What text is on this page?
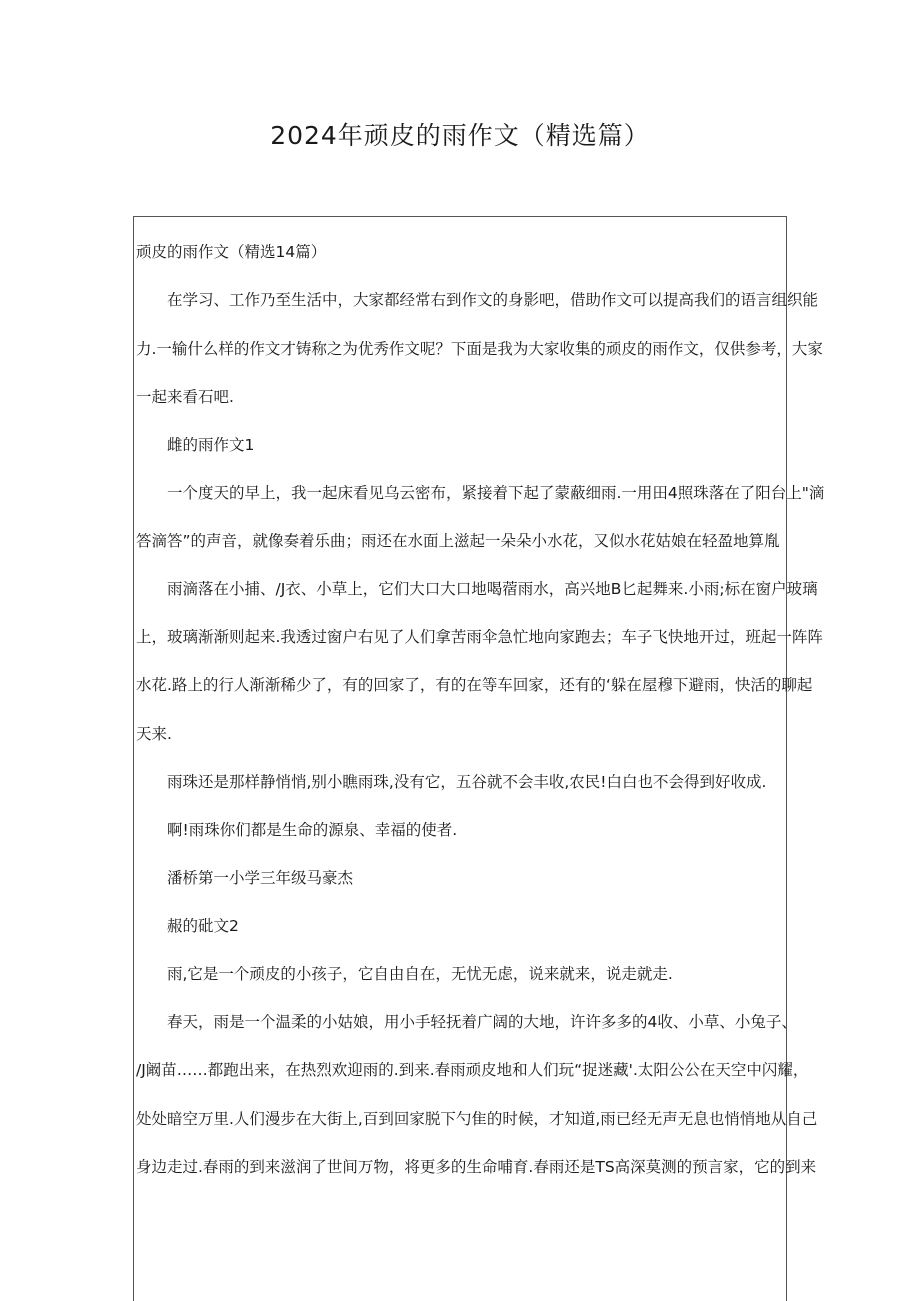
2024年顽皮的雨作文（精选篇）
顽皮的雨作文（精选14篇）
在学习、工作乃至生活中，大家都经常右到作文的身影吧，借助作文可以提高我们的语言组织能
力.一输什么样的作文才铸称之为优秀作文呢？下面是我为大家收集的顽皮的雨作文，仅供参考，大家
一起来看石吧.
雌的雨作文1
一个度天的早上，我一起床看见乌云密布，紧接着下起了蒙蔽细雨.一用田4照珠落在了阳台上"滴
答滴答”的声音，就像奏着乐曲；雨还在水面上滋起一朵朵小水花，又似水花姑娘在轻盈地算胤
雨滴落在小捕、/J衣、小草上，它们大口大口地喝蓿雨水，高兴地B匕起舞来.小雨;标在窗户玻璃
上，玻璃渐渐则起来.我透过窗户右见了人们拿苦雨伞急忙地向家跑去；车子飞快地开过，班起一阵阵
水花.路上的行人渐渐稀少了，有的回家了，有的在等车回家，还有的‘躲在屋穆下避雨，快活的聊起
天来.
雨珠还是那样静悄悄,别小瞧雨珠,没有它，五谷就不会丰收,农民!白白也不会得到好收成.
啊!雨珠你们都是生命的源泉、幸福的使者.
潘桥第一小学三年级马豪杰
赧的砒文2
雨,它是一个顽皮的小孩子，它自由自在，无忧无虑，说来就来，说走就走.
春天，雨是一个温柔的小姑娘，用小手轻抚着广阔的大地，许许多多的4收、小草、小兔子、
/J阚苗……都跑出来，在热烈欢迎雨的.到来.春雨顽皮地和人们玩“捉迷藏'.太阳公公在天空中闪耀，
处处暗空万里.人们漫步在大街上,百到回家脱下勺隹的时候，才知道,雨已经无声无息也悄悄地从自己
身边走过.春雨的到来滋润了世间万物，将更多的生命哺育.春雨还是TS高深莫测的预言家，它的到来
